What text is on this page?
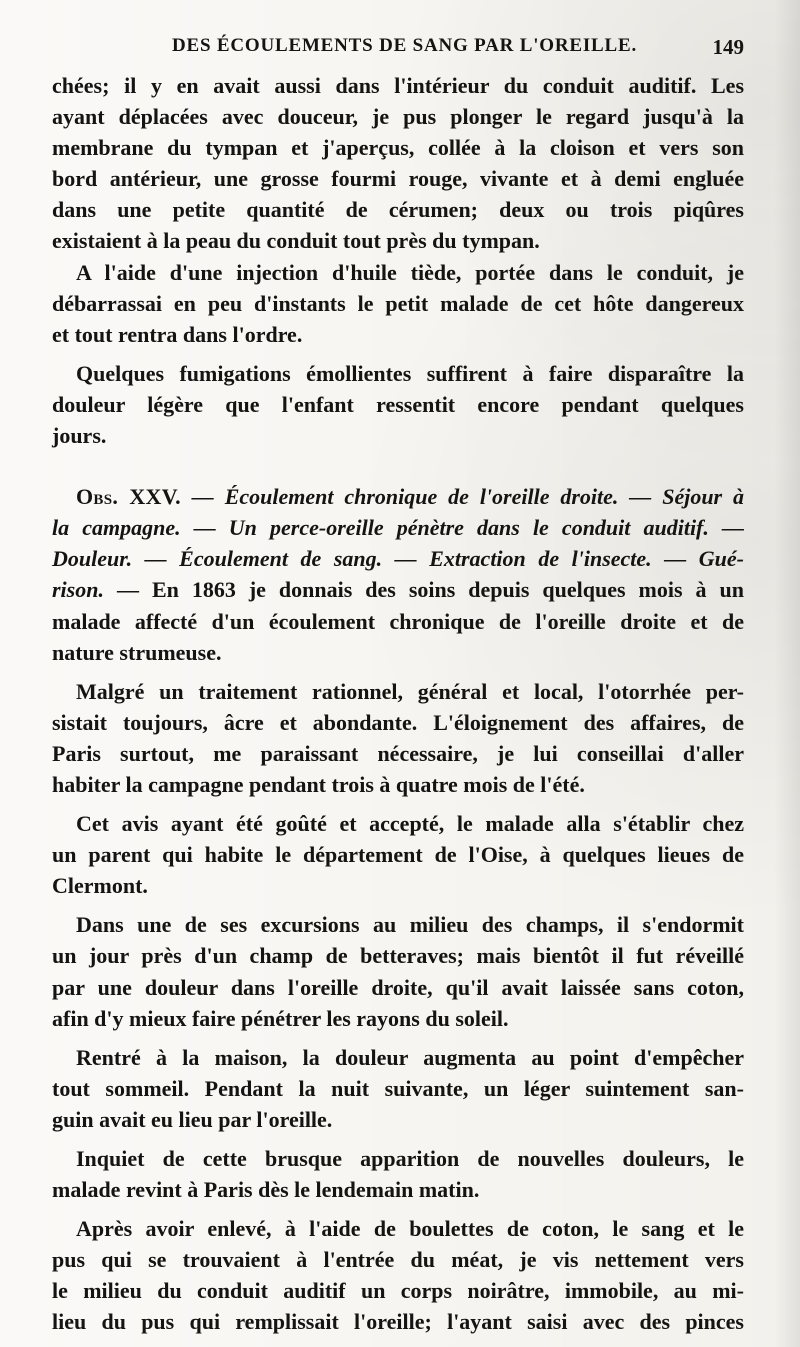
DES ÉCOULEMENTS DE SANG PAR L'OREILLE.	149
chées; il y en avait aussi dans l'intérieur du conduit auditif. Les
ayant déplacées avec douceur, je pus plonger le regard jusqu'à la
membrane du tympan et j'aperçus, collée à la cloison et vers son
bord antérieur, une grosse fourmi rouge, vivante et à demi engluée
dans une petite quantité de cérumen; deux ou trois piqûres
existaient à la peau du conduit tout près du tympan.
A l'aide d'une injection d'huile tiède, portée dans le conduit, je
débarrassai en peu d'instants le petit malade de cet hôte dangereux
et tout rentra dans l'ordre.
Quelques fumigations émollientes suffirent à faire disparaître la
douleur légère que l'enfant ressentit encore pendant quelques
jours.
Obs. XXV. — Écoulement chronique de l'oreille droite. — Séjour à
la campagne. — Un perce-oreille pénètre dans le conduit auditif. —
Douleur. — Écoulement de sang. — Extraction de l'insecte. — Gué-
rison. — En 1863 je donnais des soins depuis quelques mois à un
malade affecté d'un écoulement chronique de l'oreille droite et de
nature strumeuse.
Malgré un traitement rationnel, général et local, l'otorrhée per-
sistait toujours, âcre et abondante. L'éloignement des affaires, de
Paris surtout, me paraissant nécessaire, je lui conseillai d'aller
habiter la campagne pendant trois à quatre mois de l'été.
Cet avis ayant été goûté et accepté, le malade alla s'établir chez
un parent qui habite le département de l'Oise, à quelques lieues de
Clermont.
Dans une de ses excursions au milieu des champs, il s'endormit
un jour près d'un champ de betteraves; mais bientôt il fut réveillé
par une douleur dans l'oreille droite, qu'il avait laissée sans coton,
afin d'y mieux faire pénétrer les rayons du soleil.
Rentré à la maison, la douleur augmenta au point d'empêcher
tout sommeil. Pendant la nuit suivante, un léger suintement san-
guin avait eu lieu par l'oreille.
Inquiet de cette brusque apparition de nouvelles douleurs, le
malade revint à Paris dès le lendemain matin.
Après avoir enlevé, à l'aide de boulettes de coton, le sang et le
pus qui se trouvaient à l'entrée du méat, je vis nettement vers
le milieu du conduit auditif un corps noirâtre, immobile, au mi-
lieu du pus qui remplissait l'oreille; l'ayant saisi avec des pinces
